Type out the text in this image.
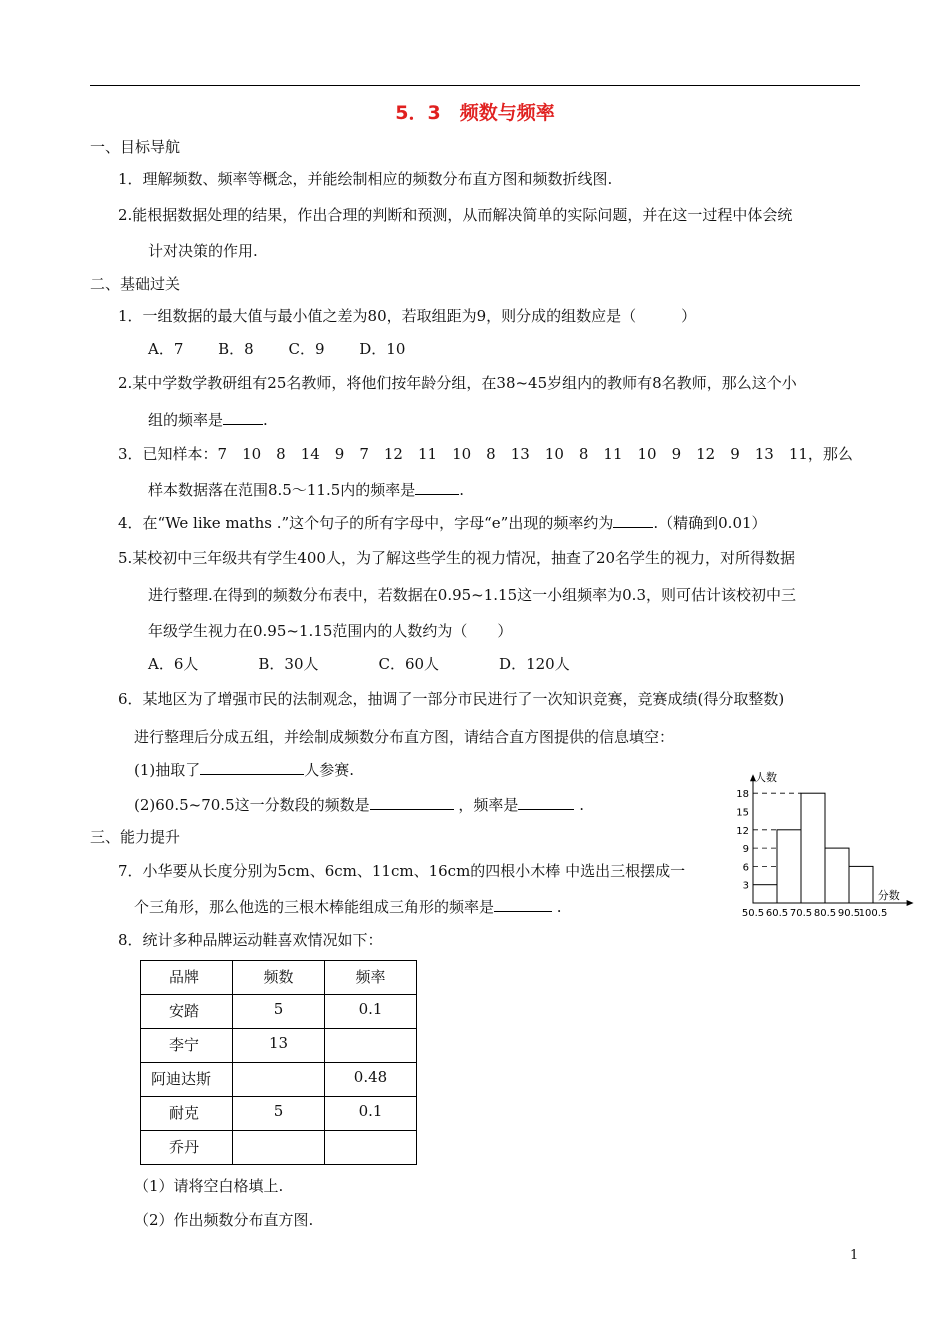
5．3　频数与频率
一、目标导航
1．理解频数、频率等概念，并能绘制相应的频数分布直方图和频数折线图.
2.能根据数据处理的结果，作出合理的判断和预测，从而解决简单的实际问题，并在这一过程中体会统
计对决策的作用.
二、基础过关
1．一组数据的最大值与最小值之差为80，若取组距为9，则分成的组数应是（　　　）
A．7　　 B．8　　 C．9　　 D．10
2.某中学数学教研组有25名教师，将他们按年龄分组，在38~45岁组内的教师有8名教师，那么这个小
组的频率是	.
3．已知样本：7　10　8　14　9　7　12　11　10　8　13　10　8　11　10　9　12　9　13　11，那么
样本数据落在范围8.5～11.5内的频率是	.
4．在“We like maths .”这个句子的所有字母中，字母“e”出现的频率约为	.（精确到0.01）
5.某校初中三年级共有学生400人，为了解这些学生的视力情况，抽查了20名学生的视力，对所得数据
进行整理.在得到的频数分布表中，若数据在0.95~1.15这一小组频率为0.3，则可估计该校初中三
年级学生视力在0.95~1.15范围内的人数约为（　　）
A．6人　　　　B．30人　　　　C．60人　　　　D．120人
6．某地区为了增强市民的法制观念，抽调了一部分市民进行了一次知识竞赛，竞赛成绩(得分取整数)
进行整理后分成五组，并绘制成频数分布直方图，请结合直方图提供的信息填空：
(1)抽取了	人参赛.
(2)60.5~70.5这一分数段的频数是	，频率是	.
3
6
9
12
15
18
50.5 60.5 70.5 80.5 90.5
100.5
人数
分数
三、能力提升
7．小华要从长度分别为5cm、6cm、11cm、16cm的四根小木棒 中选出三根摆成一
个三角形，那么他选的三根木棒能组成三角形的频率是	.
8．统计多种品牌运动鞋喜欢情况如下：
品牌	频数	频率
安踏	5	0.1
李宁	13	
阿迪达斯		0.48
耐克	5	0.1
乔丹		
（1）请将空白格填上.
（2）作出频数分布直方图.
1
